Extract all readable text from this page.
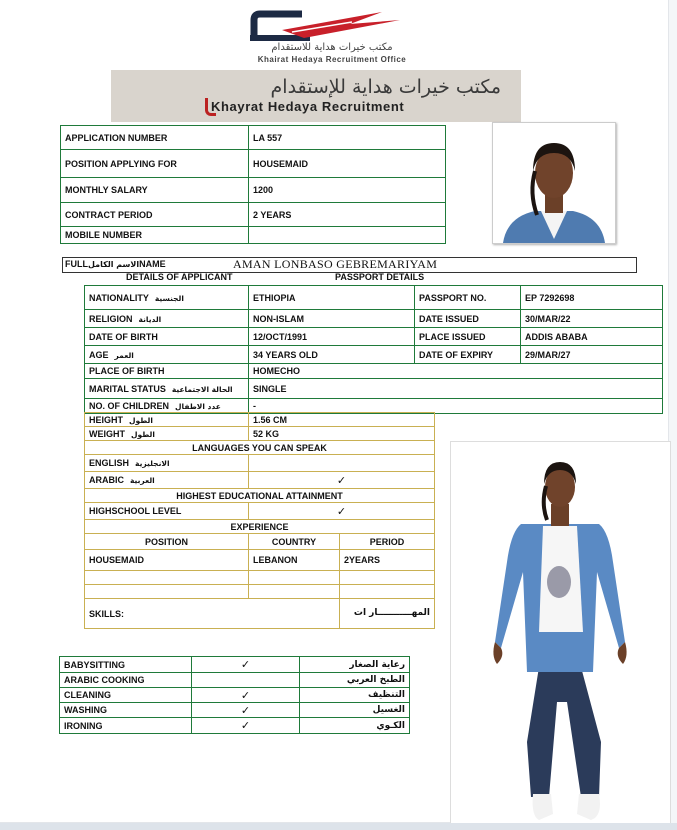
مكتب خيرات هداية للاستقدام
Khairat Hedaya Recruitment Office
مكتب خيرات هداية للإستقدام
Khayrat Hedaya Recruitment
APPLICATION NUMBER	LA 557
POSITION APPLYING FOR	HOUSEMAID
MONTHLY SALARY	1200
CONTRACT PERIOD	2 YEARS
MOBILE NUMBER	
FULLالاسم الكاملNAME	AMAN LONBASO GEBREMARIYAM
DETAILS OF APPLICANT	PASSPORT DETAILS
NATIONALITY الجنسية	ETHIOPIA	PASSPORT NO.	EP 7292698
RELIGION الديانة	NON-ISLAM	DATE ISSUED	30/MAR/22
DATE OF BIRTH	12/OCT/1991	PLACE ISSUED	ADDIS ABABA
AGE العمر	34 YEARS OLD	DATE OF EXPIRY	29/MAR/27
PLACE OF BIRTH	HOMECHO		
MARITAL STATUS الحالة الاجتماعية	SINGLE		
NO. OF CHILDREN عدد الاطفال	-		
HEIGHT الطول	1.56 CM	
WEIGHT الطول	52 KG	
LANGUAGES YOU CAN SPEAK		
ENGLISH الانجليزية		
ARABIC العربية	✓	
HIGHEST EDUCATIONAL ATTAINMENT		
HIGHSCHOOL LEVEL	✓	
EXPERIENCE		
POSITION	COUNTRY	PERIOD
HOUSEMAID	LEBANON	2YEARS

SKILLS:		المهـــــــــــار ات
BABYSITTING	✓	رعاية الصغار
ARABIC COOKING		الطبخ العربي
CLEANING	✓	التنظيف
WASHING	✓	الغسيل
IRONING	✓	الكـوي
